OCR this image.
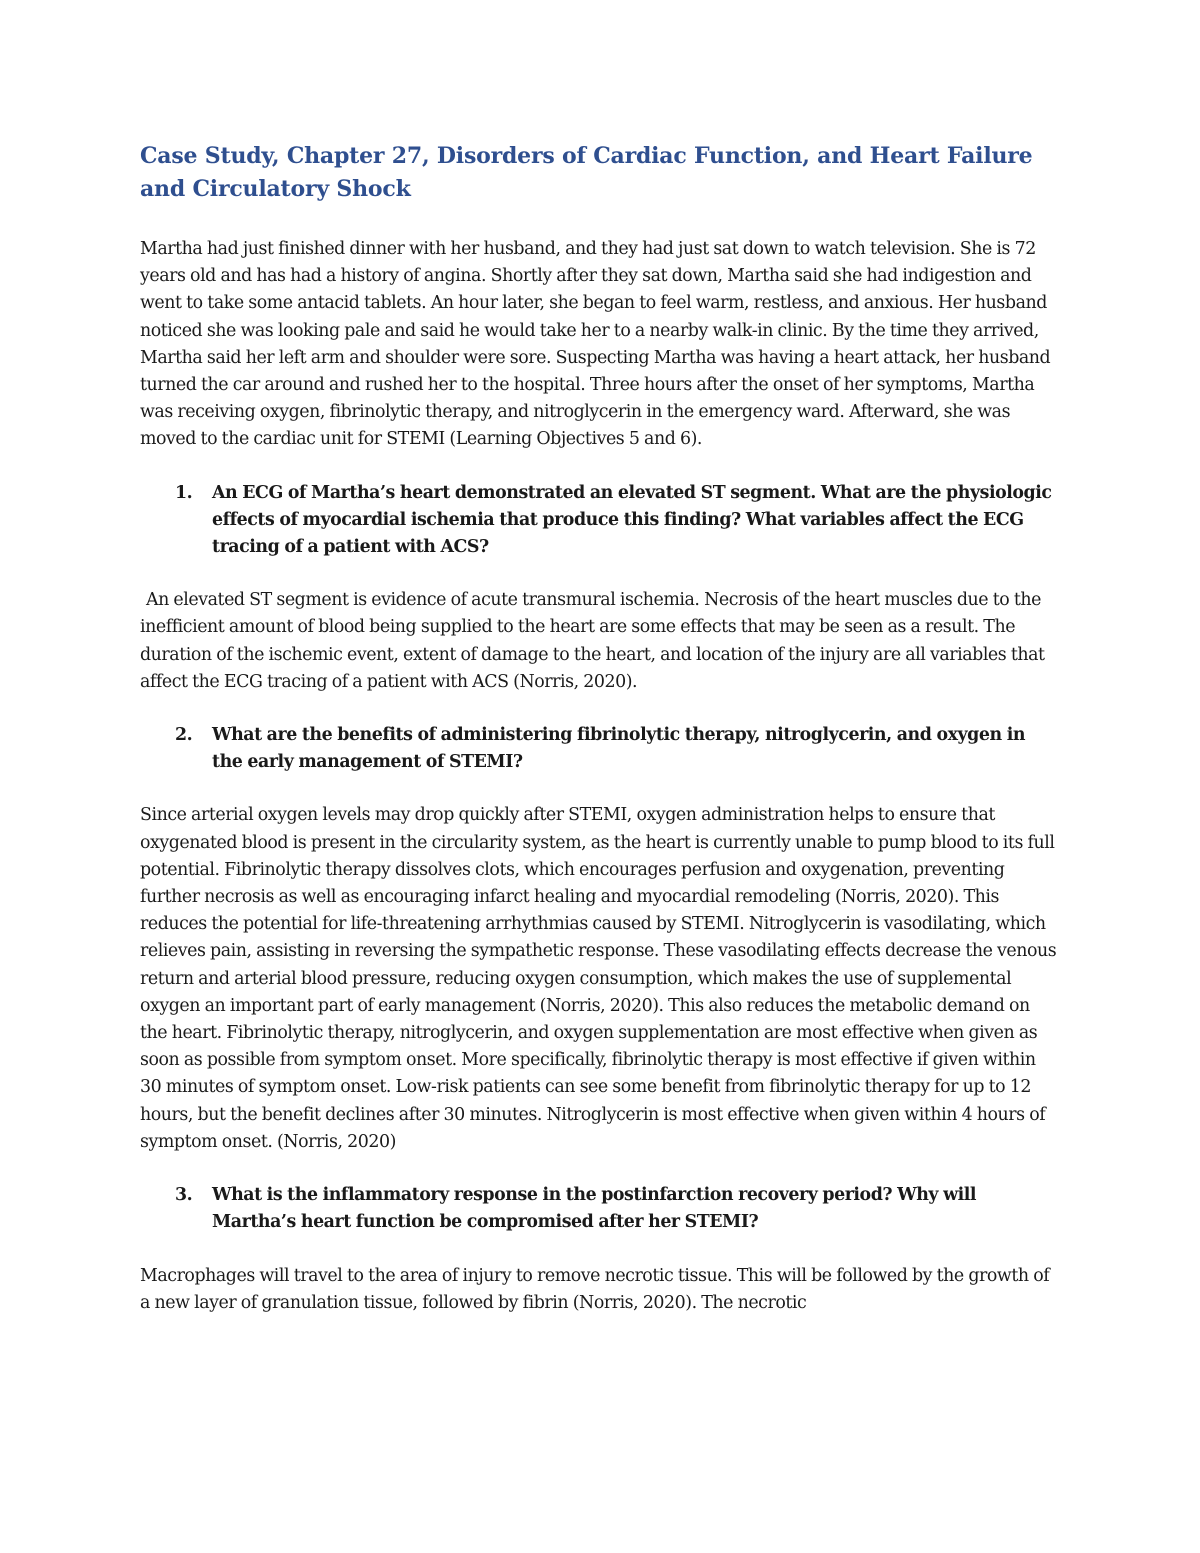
Case Study, Chapter 27, Disorders of Cardiac Function, and Heart Failure and Circulatory Shock

Martha had just finished dinner with her husband, and they had just sat down to watch television. She is 72 years old and has had a history of angina. Shortly after they sat down, Martha said she had indigestion and went to take some antacid tablets. An hour later, she began to feel warm, restless, and anxious. Her husband noticed she was looking pale and said he would take her to a nearby walk-in clinic. By the time they arrived, Martha said her left arm and shoulder were sore. Suspecting Martha was having a heart attack, her husband turned the car around and rushed her to the hospital. Three hours after the onset of her symptoms, Martha was receiving oxygen, fibrinolytic therapy, and nitroglycerin in the emergency ward. Afterward, she was moved to the cardiac unit for STEMI (Learning Objectives 5 and 6).

1. An ECG of Martha’s heart demonstrated an elevated ST segment. What are the physiologic effects of myocardial ischemia that produce this finding? What variables affect the ECG tracing of a patient with ACS?

An elevated ST segment is evidence of acute transmural ischemia. Necrosis of the heart muscles due to the inefficient amount of blood being supplied to the heart are some effects that may be seen as a result. The duration of the ischemic event, extent of damage to the heart, and location of the injury are all variables that affect the ECG tracing of a patient with ACS (Norris, 2020).

2. What are the benefits of administering fibrinolytic therapy, nitroglycerin, and oxygen in the early management of STEMI?

Since arterial oxygen levels may drop quickly after STEMI, oxygen administration helps to ensure that oxygenated blood is present in the circularity system, as the heart is currently unable to pump blood to its full potential. Fibrinolytic therapy dissolves clots, which encourages perfusion and oxygenation, preventing further necrosis as well as encouraging infarct healing and myocardial remodeling (Norris, 2020). This reduces the potential for life-threatening arrhythmias caused by STEMI. Nitroglycerin is vasodilating, which relieves pain, assisting in reversing the sympathetic response. These vasodilating effects decrease the venous return and arterial blood pressure, reducing oxygen consumption, which makes the use of supplemental oxygen an important part of early management (Norris, 2020). This also reduces the metabolic demand on the heart. Fibrinolytic therapy, nitroglycerin, and oxygen supplementation are most effective when given as soon as possible from symptom onset. More specifically, fibrinolytic therapy is most effective if given within 30 minutes of symptom onset. Low-risk patients can see some benefit from fibrinolytic therapy for up to 12 hours, but the benefit declines after 30 minutes. Nitroglycerin is most effective when given within 4 hours of symptom onset. (Norris, 2020)

3. What is the inflammatory response in the postinfarction recovery period? Why will Martha’s heart function be compromised after her STEMI?

Macrophages will travel to the area of injury to remove necrotic tissue. This will be followed by the growth of a new layer of granulation tissue, followed by fibrin (Norris, 2020). The necrotic
